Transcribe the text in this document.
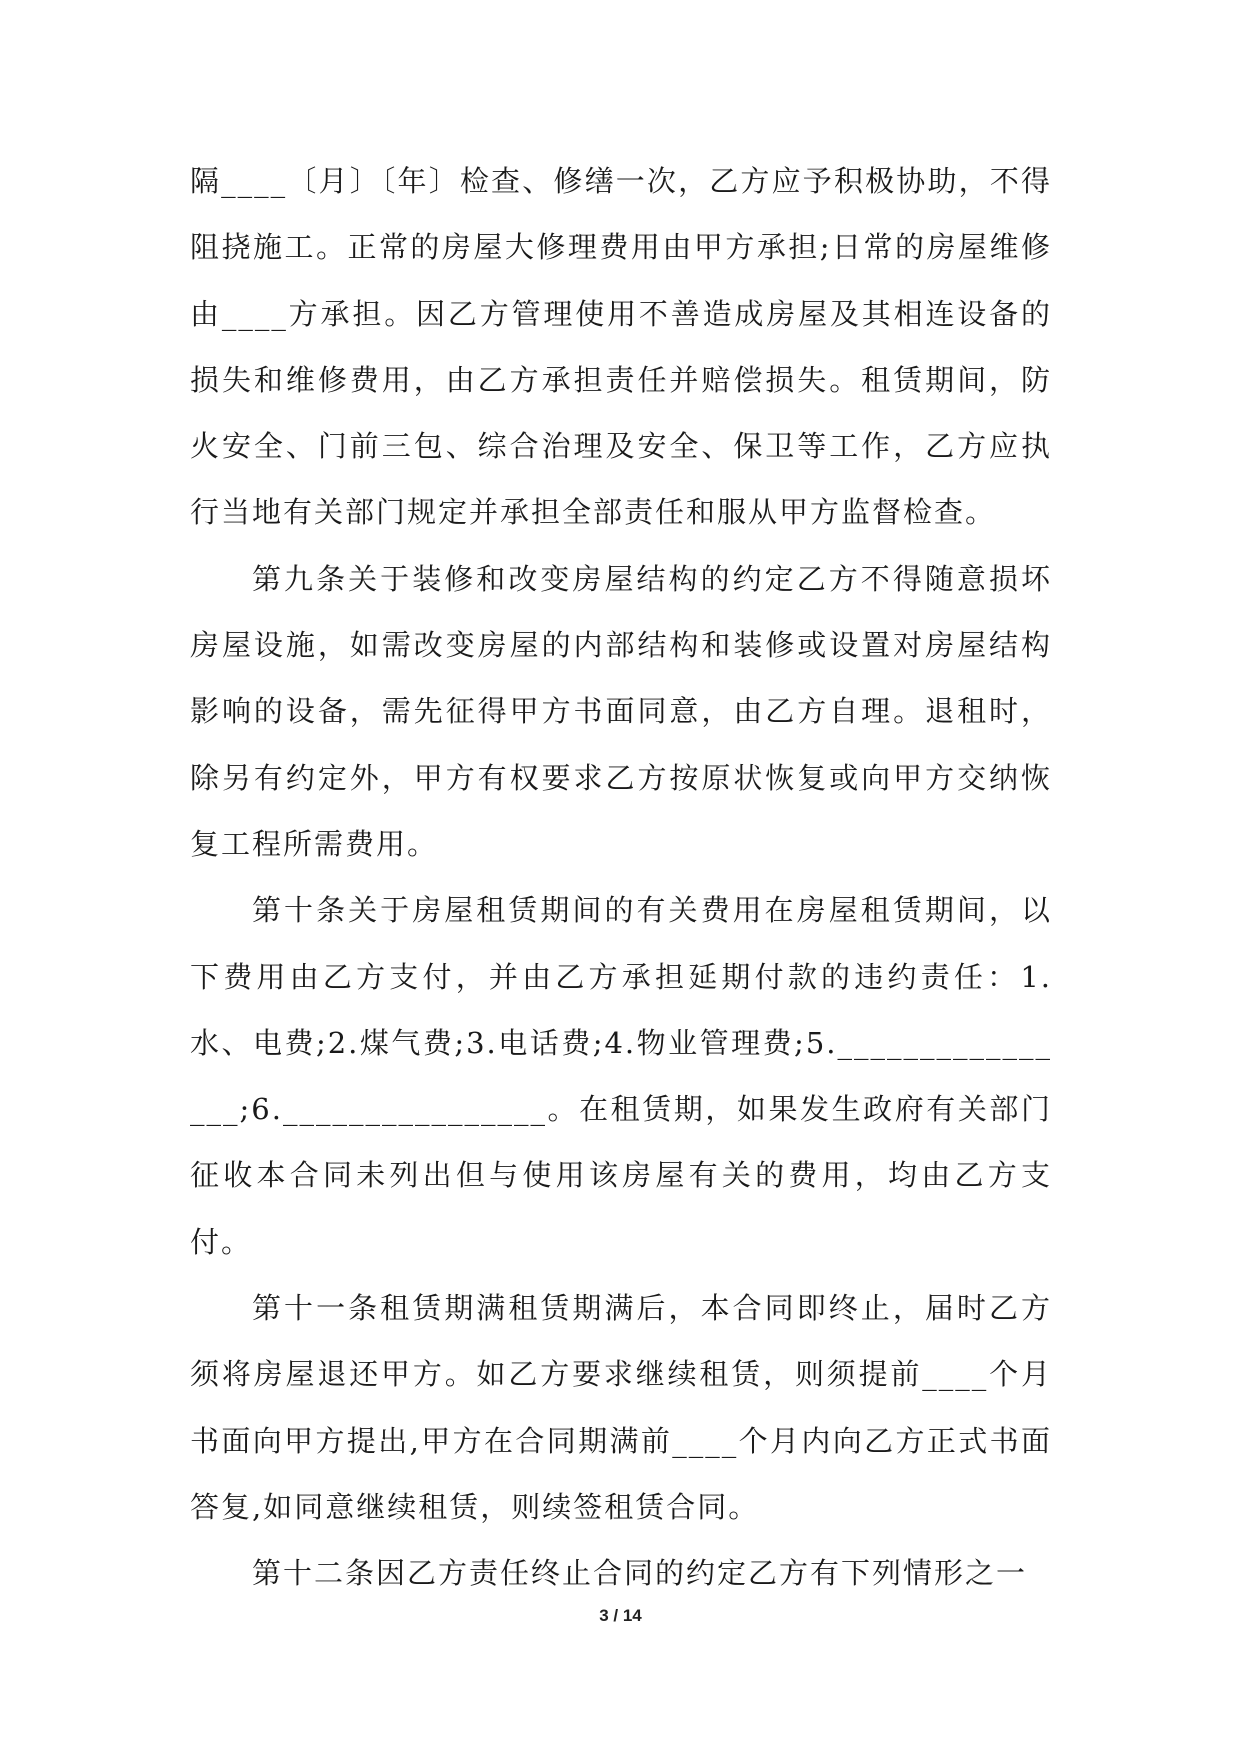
隔____〔月〕〔年〕检查、修缮一次，乙方应予积极协助，不得阻挠施工。正常的房屋大修理费用由甲方承担;日常的房屋维修由____方承担。因乙方管理使用不善造成房屋及其相连设备的损失和维修费用，由乙方承担责任并赔偿损失。租赁期间，防火安全、门前三包、综合治理及安全、保卫等工作，乙方应执行当地有关部门规定并承担全部责任和服从甲方监督检查。

第九条关于装修和改变房屋结构的约定乙方不得随意损坏房屋设施，如需改变房屋的内部结构和装修或设置对房屋结构影响的设备，需先征得甲方书面同意，由乙方自理。退租时，除另有约定外，甲方有权要求乙方按原状恢复或向甲方交纳恢复工程所需费用。

第十条关于房屋租赁期间的有关费用在房屋租赁期间，以下费用由乙方支付，并由乙方承担延期付款的违约责任：1.水、电费;2.煤气费;3.电话费;4.物业管理费;5.________________;6.________________。在租赁期，如果发生政府有关部门征收本合同未列出但与使用该房屋有关的费用，均由乙方支付。

第十一条租赁期满租赁期满后，本合同即终止，届时乙方须将房屋退还甲方。如乙方要求继续租赁，则须提前____个月书面向甲方提出,甲方在合同期满前____个月内向乙方正式书面答复,如同意继续租赁，则续签租赁合同。

第十二条因乙方责任终止合同的约定乙方有下列情形之一

3 / 14
